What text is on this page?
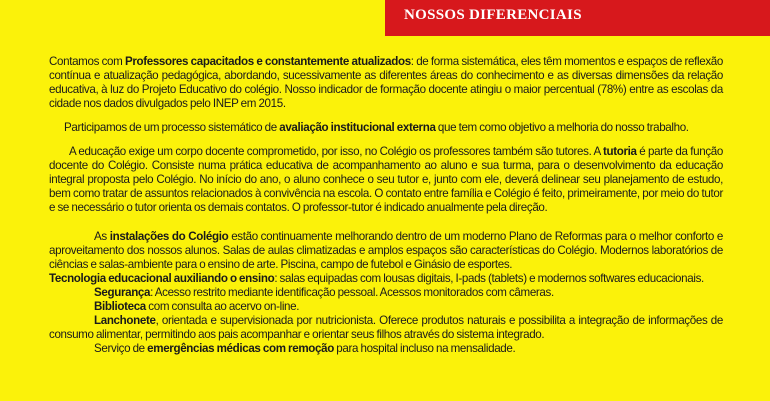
NOSSOS DIFERENCIAIS

Contamos com Professores capacitados e constantemente atualizados: de forma sistemática, eles têm momentos e espaços de reflexão contínua e atualização pedagógica, abordando, sucessivamente as diferentes áreas do conhecimento e as diversas dimensões da relação educativa, à luz do Projeto Educativo do colégio. Nosso indicador de formação docente atingiu o maior percentual (78%) entre as escolas da cidade nos dados divulgados pelo INEP em 2015.

Participamos de um processo sistemático de avaliação institucional externa que tem como objetivo a melhoria do nosso trabalho.

A educação exige um corpo docente comprometido, por isso, no Colégio os professores também são tutores. A tutoria é parte da função docente do Colégio. Consiste numa prática educativa de acompanhamento ao aluno e sua turma, para o desenvolvimento da educação integral proposta pelo Colégio. No início do ano, o aluno conhece o seu tutor e, junto com ele, deverá delinear seu planejamento de estudo, bem como tratar de assuntos relacionados à convivência na escola. O contato entre família e Colégio é feito, primeiramente, por meio do tutor e se necessário o tutor orienta os demais contatos. O professor-tutor é indicado anualmente pela direção.

As instalações do Colégio estão continuamente melhorando dentro de um moderno Plano de Reformas para o melhor conforto e aproveitamento dos nossos alunos. Salas de aulas climatizadas e amplos espaços são características do Colégio. Modernos laboratórios de ciências e salas-ambiente para o ensino de arte. Piscina, campo de futebol e Ginásio de esportes.

Tecnologia educacional auxiliando o ensino: salas equipadas com lousas digitais, I-pads (tablets) e modernos softwares educacionais.

Segurança: Acesso restrito mediante identificação pessoal. Acessos monitorados com câmeras.

Biblioteca com consulta ao acervo on-line.

Lanchonete, orientada e supervisionada por nutricionista. Oferece produtos naturais e possibilita a integração de informações de consumo alimentar, permitindo aos pais acompanhar e orientar seus filhos através do sistema integrado.

Serviço de emergências médicas com remoção para hospital incluso na mensalidade.
